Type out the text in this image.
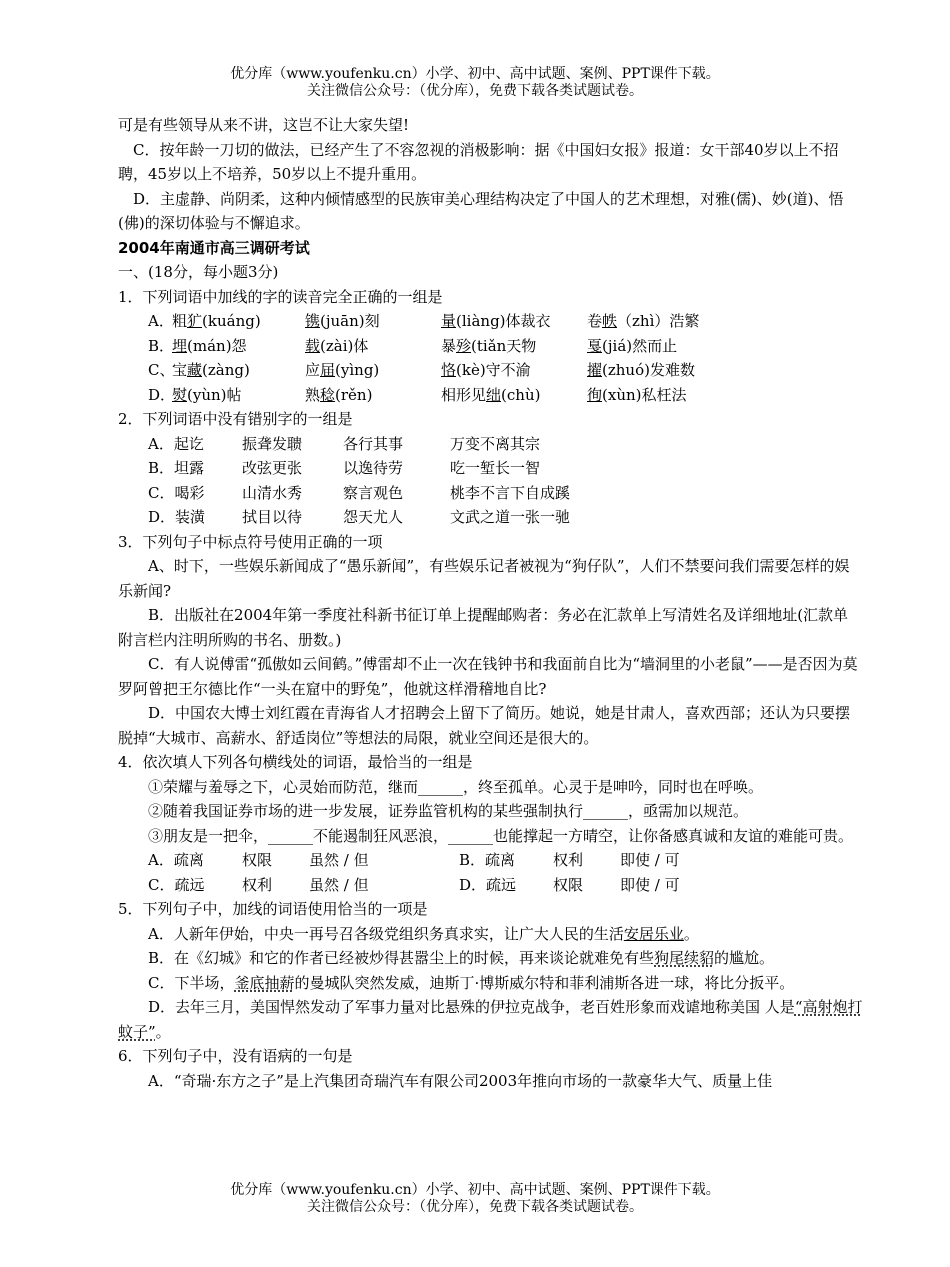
优分库（www.youfenku.cn）小学、初中、高中试题、案例、PPT课件下载。
关注微信公众号：（优分库），免费下载各类试题试卷。

可是有些领导从来不讲，这岂不让大家失望!

C．按年龄一刀切的做法，已经产生了不容忽视的消极影响：据《中国妇女报》报道：女干部40岁以上不招聘，45岁以上不培养，50岁以上不提升重用。

D．主虚静、尚阴柔，这种内倾情感型的民族审美心理结构决定了中国人的艺术理想，对雅(儒)、妙(道)、悟(佛)的深切体验与不懈追求。

2004年南通市高三调研考试

一、(18分，每小题3分)

1．下列词语中加线的字的读音完全正确的一组是

A．
粗犷(kuáng)	镌(juān)刻	量(liàng)体裁衣	卷帙（zhì）浩繁
B．
埋(mán)怨	载(zài)体	暴殄(tiǎn天物	戛(jiá)然而止
C、
宝藏(zàng)	应届(yìng)	恪(kè)守不渝	擢(zhuó)发难数
D．
熨(yùn)帖	熟稔(rěn)	相形见绌(chù)	徇(xùn)私枉法

2．下列词语中没有错别字的一组是

A．起讫	振聋发聩	各行其事	万变不离其宗
B．坦露	改弦更张	以逸待劳	吃一堑长一智
C．喝彩	山清水秀	察言观色	桃李不言下自成蹊
D．装潢	拭目以待	怨天尤人	文武之道一张一驰

3．下列句子中标点符号使用正确的一项

A、时下，一些娱乐新闻成了“愚乐新闻”，有些娱乐记者被视为“狗仔队”，人们不禁要问我们需要怎样的娱乐新闻?

B．出版社在2004年第一季度社科新书征订单上提醒邮购者：务必在汇款单上写清姓名及详细地址(汇款单附言栏内注明所购的书名、册数。)

C．有人说傅雷“孤傲如云间鹤。”傅雷却不止一次在钱钟书和我面前自比为“墙洞里的小老鼠”——是否因为莫罗阿曾把王尔德比作“一头在窟中的野兔”，他就这样滑稽地自比?

D．中国农大博士刘红霞在青海省人才招聘会上留下了简历。她说，她是甘肃人，喜欢西部；还认为只要摆脱掉“大城市、高薪水、舒适岗位”等想法的局限，就业空间还是很大的。

4．依次填人下列各句横线处的词语，最恰当的一组是

①荣耀与羞辱之下，心灵始而防范，继而______，终至孤单。心灵于是呻吟，同时也在呼唤。

②随着我国证券市场的进一步发展，证券监管机构的某些强制执行______，亟需加以规范。

③朋友是一把伞，______不能遏制狂风恶浪，______也能撑起一方晴空，让你备感真诚和友谊的难能可贵。

A．疏离	权限	虽然 / 但	B．疏离	权利	即使 / 可
C．疏远	权利	虽然 / 但	D．疏远	权限	即使 / 可

5．下列句子中，加线的词语使用恰当的一项是

A．人新年伊始，中央一再号召各级党组织务真求实，让广大人民的生活安居乐业。

B．在《幻城》和它的作者已经被炒得甚嚣尘上的时候，再来谈论就难免有些狗尾续貂的尴尬。

C．下半场，釜底抽薪的曼城队突然发威，迪斯丁·博斯威尔特和菲利浦斯各进一球，将比分扳平。

D．去年三月，美国悍然发动了军事力量对比悬殊的伊拉克战争，老百姓形象而戏谑地称美国 人是“高射炮打蚊子”。

6．下列句子中，没有语病的一句是

A．“奇瑞·东方之子”是上汽集团奇瑞汽车有限公司2003年推向市场的一款豪华大气、质量上佳

优分库（www.youfenku.cn）小学、初中、高中试题、案例、PPT课件下载。
关注微信公众号：（优分库），免费下载各类试题试卷。
